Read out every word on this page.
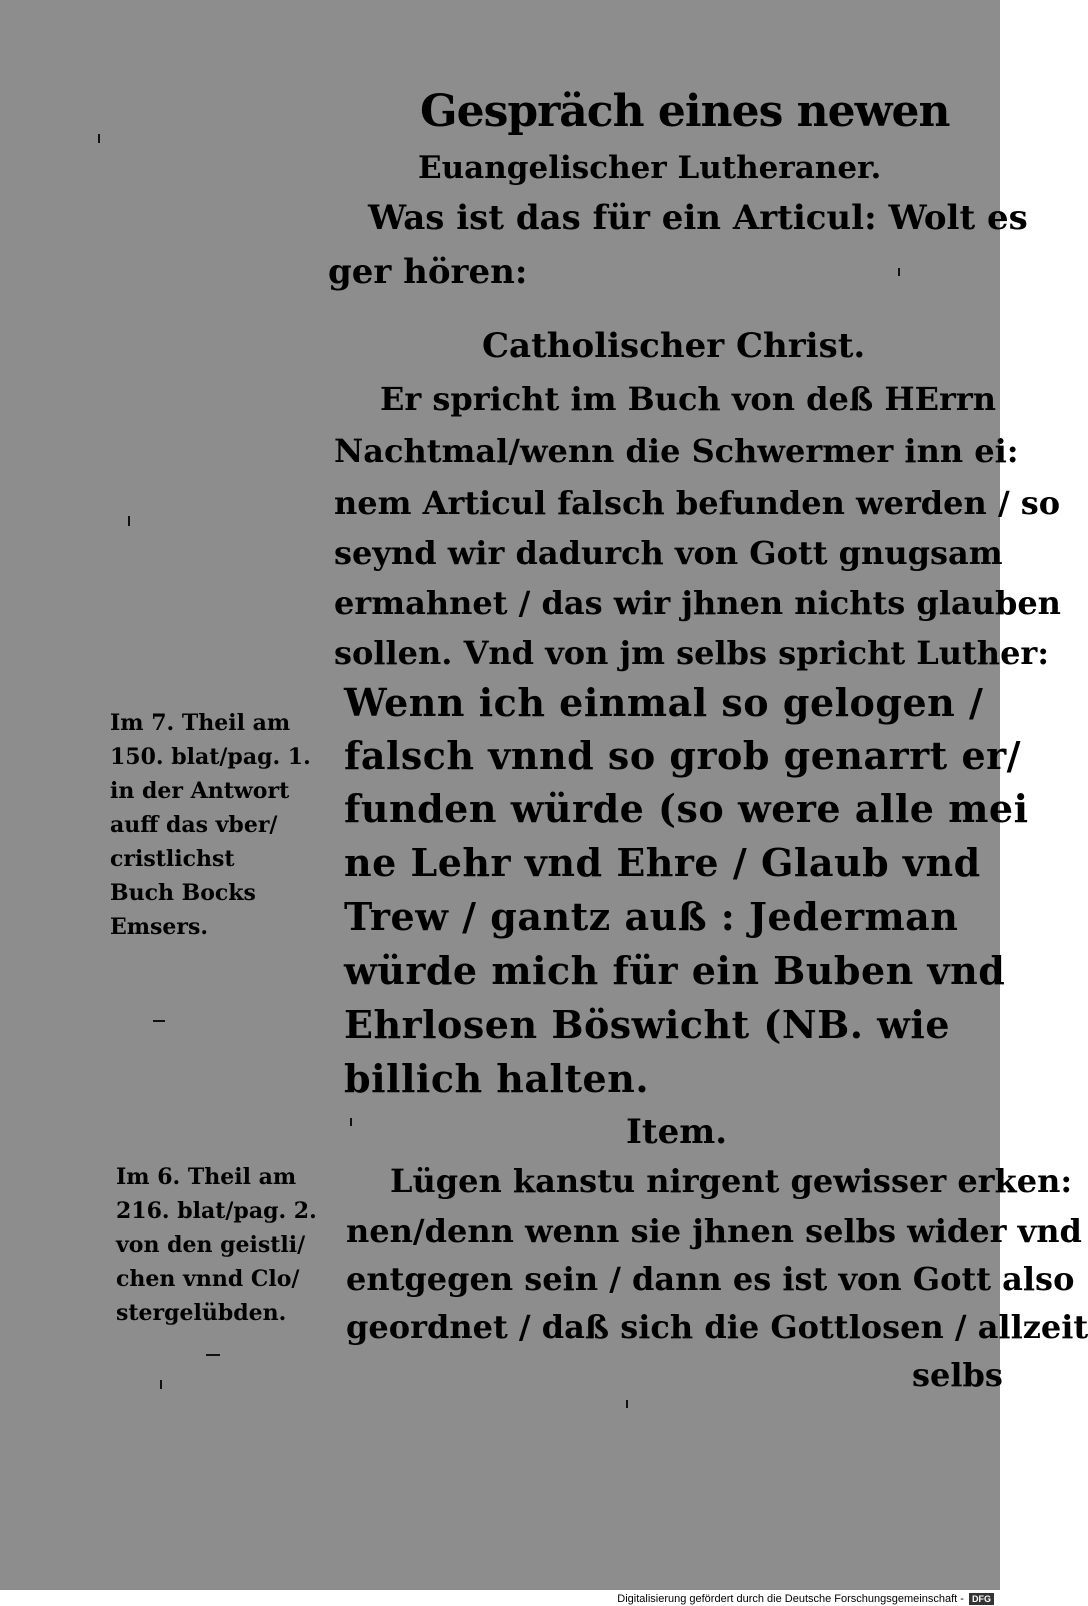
Gespräch eines newen
Euangelischer Lutheraner.
Was ist das für ein Articul: Wolt es
ger hören:
Catholischer Christ.
Er spricht im Buch von deß HErrn
Nachtmal/wenn die Schwermer inn ei:
nem Articul falsch befunden werden / so
seynd wir dadurch von Gott gnugsam
ermahnet / das wir jhnen nichts glauben
sollen. Vnd von jm selbs spricht Luther:
Wenn ich einmal so gelogen /
falsch vnnd so grob genarrt er/
funden würde (so were alle mei
ne Lehr vnd Ehre / Glaub vnd
Trew / gantz auß : Jederman
würde mich für ein Buben vnd
Ehrlosen Böswicht (NB. wie
billich halten.
Item.
Lügen kanstu nirgent gewisser erken:
nen/denn wenn sie jhnen selbs wider vnd
entgegen sein / dann es ist von Gott also
geordnet / daß sich die Gottlosen / allzeit
selbs
Im 7. Theil am
150. blat/pag. 1.
in der Antwort
auff das vber/
cristlichst
Buch Bocks
Emsers.
Im 6. Theil am
216. blat/pag. 2.
von den geistli/
chen vnnd Clo/
stergelübden.
Digitalisierung gefördert durch die Deutsche Forschungsgemeinschaft - DFG
